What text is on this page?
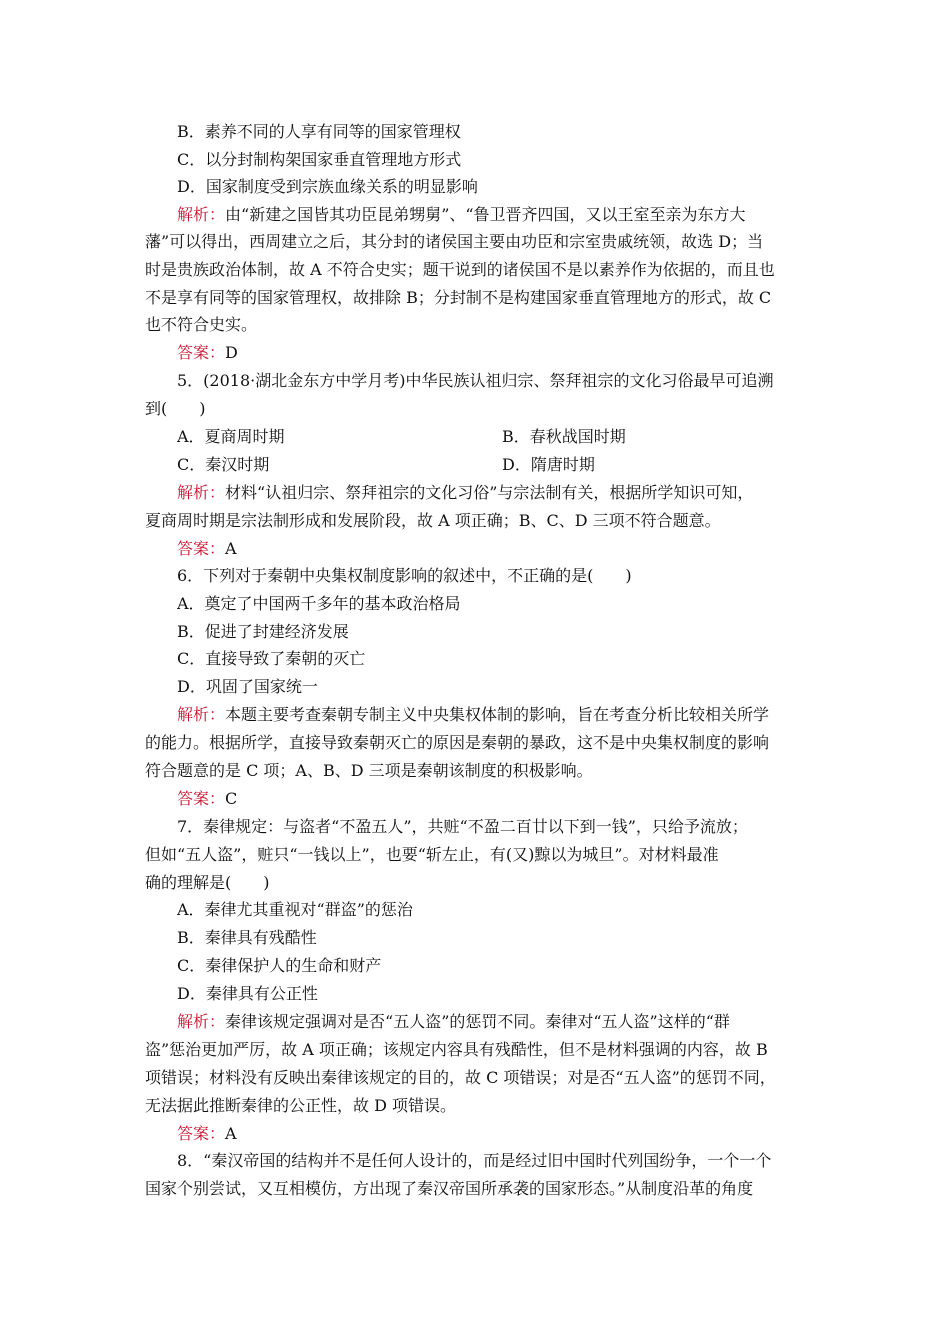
B．素养不同的人享有同等的国家管理权
C．以分封制构架国家垂直管理地方形式
D．国家制度受到宗族血缘关系的明显影响
解析：由“新建之国皆其功臣昆弟甥舅”、“鲁卫晋齐四国，又以王室至亲为东方大
藩”可以得出，西周建立之后，其分封的诸侯国主要由功臣和宗室贵戚统领，故选 D；当
时是贵族政治体制，故 A 不符合史实；题干说到的诸侯国不是以素养作为依据的，而且也
不是享有同等的国家管理权，故排除 B；分封制不是构建国家垂直管理地方的形式，故 C
也不符合史实。
答案：D
5．(2018·湖北金东方中学月考)中华民族认祖归宗、祭拜祖宗的文化习俗最早可追溯
到(　　)
A．夏商周时期	B．春秋战国时期
C．秦汉时期	D．隋唐时期
解析：材料“认祖归宗、祭拜祖宗的文化习俗”与宗法制有关，根据所学知识可知，
夏商周时期是宗法制形成和发展阶段，故 A 项正确；B、C、D 三项不符合题意。
答案：A
6．下列对于秦朝中央集权制度影响的叙述中，不正确的是(　　)
A．奠定了中国两千多年的基本政治格局
B．促进了封建经济发展
C．直接导致了秦朝的灭亡
D．巩固了国家统一
解析：本题主要考查秦朝专制主义中央集权体制的影响，旨在考查分析比较相关所学
的能力。根据所学，直接导致秦朝灭亡的原因是秦朝的暴政，这不是中央集权制度的影响
符合题意的是 C 项；A、B、D 三项是秦朝该制度的积极影响。
答案：C
7．秦律规定：与盗者“不盈五人”，共赃“不盈二百廿以下到一钱”，只给予流放；
但如“五人盗”，赃只“一钱以上”，也要“斩左止，有(又)黥以为城旦”。对材料最准
确的理解是(　　)
A．秦律尤其重视对“群盗”的惩治
B．秦律具有残酷性
C．秦律保护人的生命和财产
D．秦律具有公正性
解析：秦律该规定强调对是否“五人盗”的惩罚不同。秦律对“五人盗”这样的“群
盗”惩治更加严厉，故 A 项正确；该规定内容具有残酷性，但不是材料强调的内容，故 B
项错误；材料没有反映出秦律该规定的目的，故 C 项错误；对是否“五人盗”的惩罚不同，
无法据此推断秦律的公正性，故 D 项错误。
答案：A
8．“秦汉帝国的结构并不是任何人设计的，而是经过旧中国时代列国纷争，一个一个
国家个别尝试，又互相模仿，方出现了秦汉帝国所承袭的国家形态。”从制度沿革的角度
